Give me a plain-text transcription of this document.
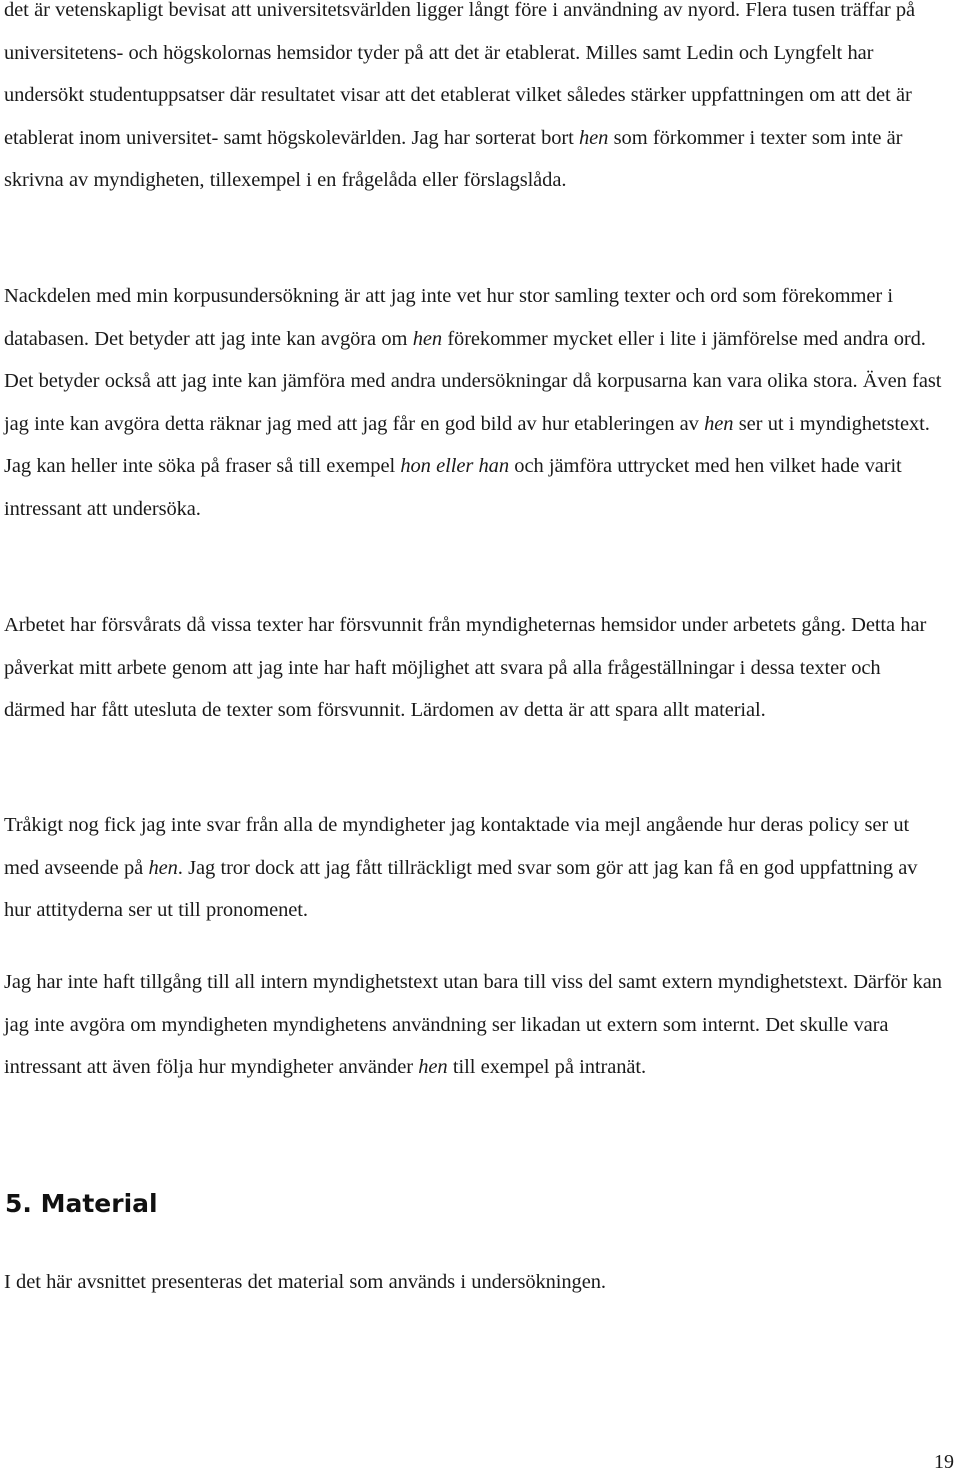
det är vetenskapligt bevisat att universitetsvärlden ligger långt före i användning av nyord. Flera tusen träffar på universitetens- och högskolornas hemsidor tyder på att det är etablerat. Milles samt Ledin och Lyngfelt har undersökt studentuppsatser där resultatet visar att det etablerat vilket således stärker uppfattningen om att det är etablerat inom universitet- samt högskolevärlden. Jag har sorterat bort hen som förkommer i texter som inte är skrivna av myndigheten, tillexempel i en frågelåda eller förslagslåda.

Nackdelen med min korpusundersökning är att jag inte vet hur stor samling texter och ord som förekommer i databasen. Det betyder att jag inte kan avgöra om hen förekommer mycket eller i lite i jämförelse med andra ord. Det betyder också att jag inte kan jämföra med andra undersökningar då korpusarna kan vara olika stora. Även fast jag inte kan avgöra detta räknar jag med att jag får en god bild av hur etableringen av hen ser ut i myndighetstext. Jag kan heller inte söka på fraser så till exempel hon eller han och jämföra uttrycket med hen vilket hade varit intressant att undersöka.

Arbetet har försvårats då vissa texter har försvunnit från myndigheternas hemsidor under arbetets gång. Detta har påverkat mitt arbete genom att jag inte har haft möjlighet att svara på alla frågeställningar i dessa texter och därmed har fått utesluta de texter som försvunnit. Lärdomen av detta är att spara allt material.

Tråkigt nog fick jag inte svar från alla de myndigheter jag kontaktade via mejl angående hur deras policy ser ut med avseende på hen. Jag tror dock att jag fått tillräckligt med svar som gör att jag kan få en god uppfattning av hur attityderna ser ut till pronomenet.

Jag har inte haft tillgång till all intern myndighetstext utan bara till viss del samt extern myndighetstext. Därför kan jag inte avgöra om myndigheten myndighetens användning ser likadan ut extern som internt. Det skulle vara intressant att även följa hur myndigheter använder hen till exempel på intranät.

5. Material

I det här avsnittet presenteras det material som används i undersökningen.

19
